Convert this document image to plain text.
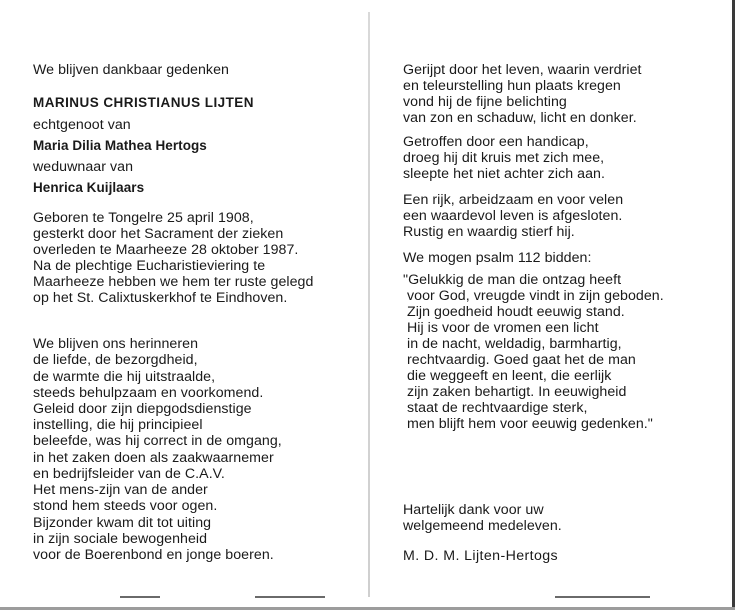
We blijven dankbaar gedenken
MARINUS CHRISTIANUS LIJTEN
echtgenoot van
Maria Dilia Mathea Hertogs
weduwnaar van
Henrica Kuijlaars
Geboren te Tongelre 25 april 1908,
gesterkt door het Sacrament der zieken
overleden te Maarheeze 28 oktober 1987.
Na de plechtige Eucharistieviering te
Maarheeze hebben we hem ter ruste gelegd
op het St. Calixtuskerkhof te Eindhoven.
We blijven ons herinneren
de liefde, de bezorgdheid,
de warmte die hij uitstraalde,
steeds behulpzaam en voorkomend.
Geleid door zijn diepgodsdienstige
instelling, die hij principieel
beleefde, was hij correct in de omgang,
in het zaken doen als zaakwaarnemer
en bedrijfsleider van de C.A.V.
Het mens-zijn van de ander
stond hem steeds voor ogen.
Bijzonder kwam dit tot uiting
in zijn sociale bewogenheid
voor de Boerenbond en jonge boeren.
Gerijpt door het leven, waarin verdriet
en teleurstelling hun plaats kregen
vond hij de fijne belichting
van zon en schaduw, licht en donker.
Getroffen door een handicap,
droeg hij dit kruis met zich mee,
sleepte het niet achter zich aan.
Een rijk, arbeidzaam en voor velen
een waardevol leven is afgesloten.
Rustig en waardig stierf hij.
We mogen psalm 112 bidden:
"Gelukkig de man die ontzag heeft
voor God, vreugde vindt in zijn geboden.
Zijn goedheid houdt eeuwig stand.
Hij is voor de vromen een licht
in de nacht, weldadig, barmhartig,
rechtvaardig. Goed gaat het de man
die weggeeft en leent, die eerlijk
zijn zaken behartigt. In eeuwigheid
staat de rechtvaardige sterk,
men blijft hem voor eeuwig gedenken."
Hartelijk dank voor uw
welgemeend medeleven.
M. D. M. Lijten-Hertogs
